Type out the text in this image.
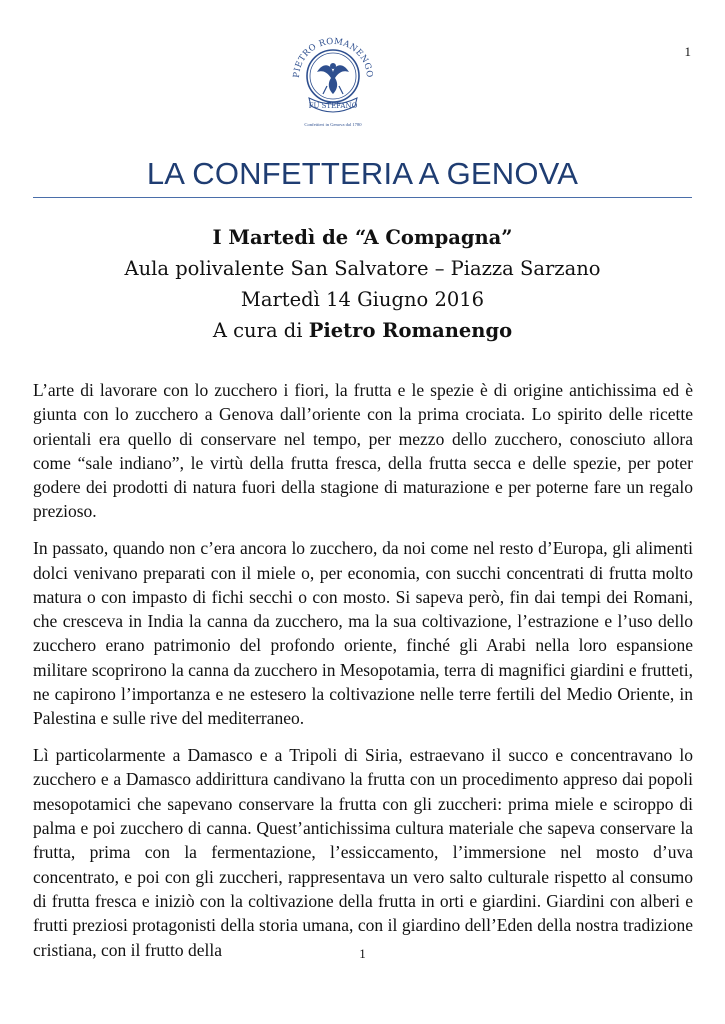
1
PIETRO ROMANENGO
FU STEFANO
Confettieri in Genova dal 1780
LA CONFETTERIA A GENOVA
I Martedì de “A Compagna”
Aula polivalente San Salvatore – Piazza Sarzano
Martedì 14 Giugno 2016
A cura di Pietro Romanengo

L’arte di lavorare con lo zucchero i fiori, la frutta e le spezie è di origine antichissima ed è giunta con lo zucchero a Genova dall’oriente con la prima crociata. Lo spirito delle ricette orientali era quello di conservare nel tempo, per mezzo dello zucchero, conosciuto allora come “sale indiano”, le virtù della frutta fresca, della frutta secca e delle spezie, per poter godere dei prodotti di natura fuori della stagione di maturazione e per poterne fare un regalo prezioso.

In passato, quando non c’era ancora lo zucchero, da noi come nel resto d’Europa, gli alimenti dolci venivano preparati con il miele o, per economia, con succhi concentrati di frutta molto matura o con impasto di fichi secchi o con mosto. Si sapeva però, fin dai tempi dei Romani, che cresceva in India la canna da zucchero, ma la sua coltivazione, l’estrazione e l’uso dello zucchero erano patrimonio del profondo oriente, finché gli Arabi nella loro espansione militare scoprirono la canna da zucchero in Mesopotamia, terra di magnifici giardini e frutteti, ne capirono l’importanza e ne estesero la coltivazione nelle terre fertili del Medio Oriente, in Palestina e sulle rive del mediterraneo.

Lì particolarmente a Damasco e a Tripoli di Siria, estraevano il succo e concentravano lo zucchero e a Damasco addirittura candivano la frutta con un procedimento appreso dai popoli mesopotamici che sapevano conservare la frutta con gli zuccheri: prima miele e sciroppo di palma e poi zucchero di canna. Quest’antichissima cultura materiale che sapeva conservare la frutta, prima con la fermentazione, l’essiccamento, l’immersione nel mosto d’uva concentrato, e poi con gli zuccheri, rappresentava un vero salto culturale rispetto al consumo di frutta fresca e iniziò con la coltivazione della frutta in orti e giardini. Giardini con alberi e frutti preziosi protagonisti della storia umana, con il giardino dell’Eden della nostra tradizione cristiana, con il frutto della	1
